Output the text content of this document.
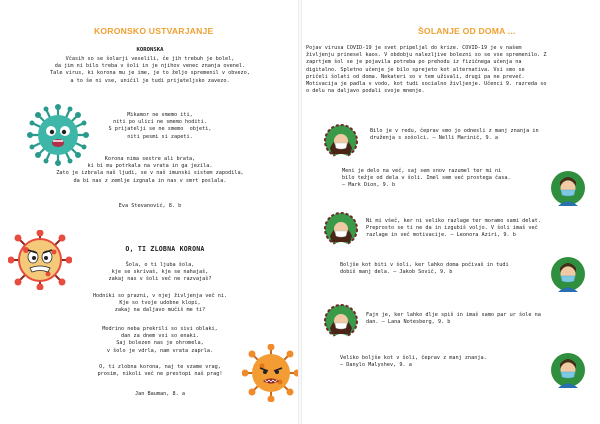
KORONSKO USTVARJANJE
KORONSKA
Včasih so se šolarji veselili, če jih trebuh je bolel,
da jim ni bilo treba v šoli in je njihov venec znanja ovenel.
Tale virus, ki korona mu je ime, je to željo spremenil v obvezo,
a to še ni vse, uničil je tudi prijateljsko zavezo.
Mikamor ne smemo iti,
niti po ulici ne smemo hoditi.
S prijatelji se ne smemo  objeti,
niti pesmi si zapeti.
Korona nima sestre ali brata,
ki bi mu potrkala na vrata in ga jezila.
Zato je izbrala naš ljudi, se v naš imunski sistem zapodila,
da bi nas z zemlje izgnala in nas v smrt poslala.
Eva Stevanović, 8. b
O, TI ZLOBNA KORONA
Šola, o ti ljuba šola,
kje se skrivaš, kje se nahajaš,
zakaj nas v šoli več ne razvajaš?
Hodniki so prazni, v njej življenja več ni.
Kje so tvoje udobne klopi,
zakaj na daljavo mučiš me ti?
Modrino neba prekrili so sivi oblaki,
dan za dnem vsi so enaki.
Saj bolezen nas je ohromela,
v šolo je vdrla, nam vrata zaprla.
O, ti zlobna korona, naj te vzame vrag,
prosim, nikoli več ne prestopi naš prag!
Jan Bauman, 8. a
ŠOLANJE OD DOMA ...
Pojav virusa COVID-19 je svet pripeljal do krize. COVID-19 je v našem
življenju prinesel kaos. V obdobju nalezljive bolezni so se vse spremenilo. Z
zaprtjem šol se je pojavila potreba po prehodu iz fizičnega učenja na
digitalno. Spletno učenje je bilo sprejeto kot alternativa. Vsi smo se
pričeli šolati od doma. Nekateri so v tem uživali, drugi pa ne preveč.
Motivacija je padla v vodo, kot tudi socialno življenje. Učenci 9. razreda so
o delu na daljavo podali svoje mnenje.
Bilo je v redu, čeprav smo jo odnesli z manj znanja in
druženja s sošolci. – Nelli Marinič, 9. a
Meni je delo na več, saj sem snov razumel ter mi ni
bilo težje od dela v šoli. Imel sem več prostega časa.
– Mark Dion, 9. b
Ni mi všeč, ker ni veliko razlage ter moramo sami delat.
Preprosto se ti ne da in izgubiš voljo. V šoli imaš več
razlage in več motivacije. – Leonora Aziri, 9. b
Boljše kot biti v šoli, ker lahko doma počivaš in tudi
dobiš manj dela. – Jakob Sovič, 9. b
Fajn je, ker lahko dlje spiš in imaš samo par ur šole na
dan. – Lana Notesberg, 9. b
Veliko boljše kot v šoli, čeprav z manj znanja.
– Danylo Malyshev, 9. a
